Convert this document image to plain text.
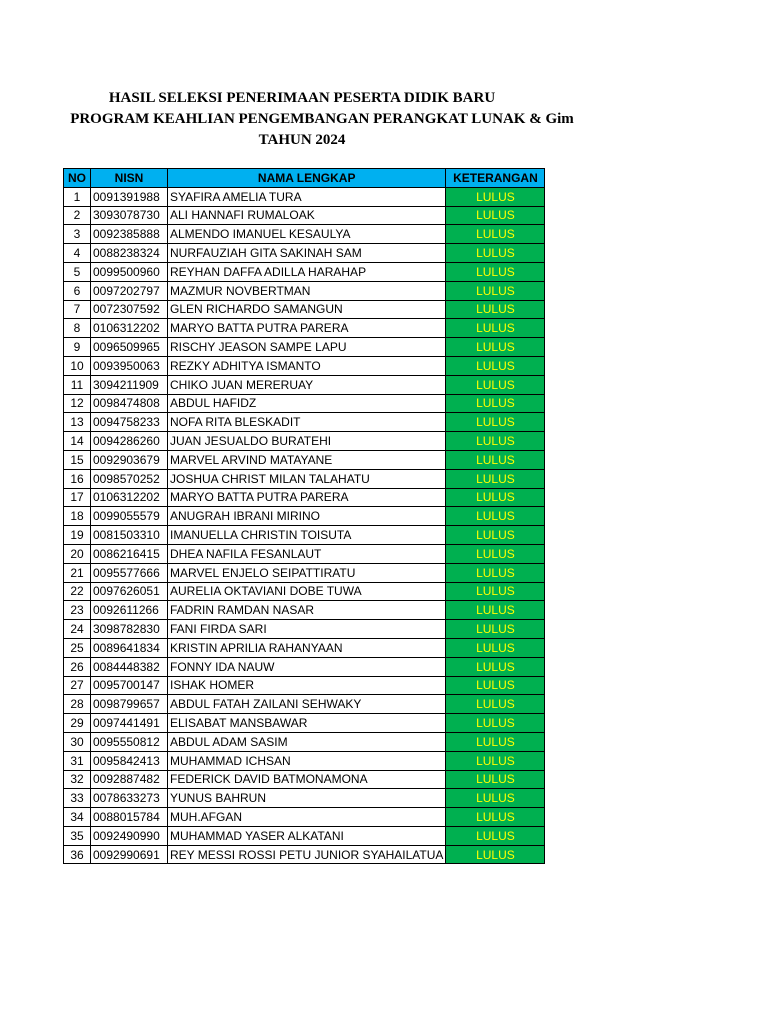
HASIL SELEKSI PENERIMAAN PESERTA DIDIK BARU
PROGRAM KEAHLIAN PENGEMBANGAN PERANGKAT LUNAK & Gim
TAHUN 2024
NO	NISN	NAMA LENGKAP	KETERANGAN
1	0091391988	SYAFIRA AMELIA TURA	LULUS
2	3093078730	ALI HANNAFI RUMALOAK	LULUS
3	0092385888	ALMENDO IMANUEL KESAULYA	LULUS
4	0088238324	NURFAUZIAH GITA SAKINAH SAM	LULUS
5	0099500960	REYHAN DAFFA ADILLA HARAHAP	LULUS
6	0097202797	MAZMUR NOVBERTMAN	LULUS
7	0072307592	GLEN RICHARDO SAMANGUN	LULUS
8	0106312202	MARYO BATTA PUTRA PARERA	LULUS
9	0096509965	RISCHY JEASON SAMPE LAPU	LULUS
10	0093950063	REZKY ADHITYA ISMANTO	LULUS
11	3094211909	CHIKO JUAN MERERUAY	LULUS
12	0098474808	ABDUL HAFIDZ	LULUS
13	0094758233	NOFA RITA BLESKADIT	LULUS
14	0094286260	JUAN JESUALDO BURATEHI	LULUS
15	0092903679	MARVEL ARVIND MATAYANE	LULUS
16	0098570252	JOSHUA CHRIST MILAN TALAHATU	LULUS
17	0106312202	MARYO BATTA PUTRA PARERA	LULUS
18	0099055579	ANUGRAH IBRANI MIRINO	LULUS
19	0081503310	IMANUELLA CHRISTIN TOISUTA	LULUS
20	0086216415	DHEA NAFILA FESANLAUT	LULUS
21	0095577666	MARVEL ENJELO SEIPATTIRATU	LULUS
22	0097626051	AURELIA OKTAVIANI DOBE TUWA	LULUS
23	0092611266	FADRIN RAMDAN NASAR	LULUS
24	3098782830	FANI FIRDA SARI	LULUS
25	0089641834	KRISTIN APRILIA RAHANYAAN	LULUS
26	0084448382	FONNY IDA NAUW	LULUS
27	0095700147	ISHAK HOMER	LULUS
28	0098799657	ABDUL FATAH ZAILANI SEHWAKY	LULUS
29	0097441491	ELISABAT MANSBAWAR	LULUS
30	0095550812	ABDUL ADAM SASIM	LULUS
31	0095842413	MUHAMMAD ICHSAN	LULUS
32	0092887482	FEDERICK DAVID BATMONAMONA	LULUS
33	0078633273	YUNUS BAHRUN	LULUS
34	0088015784	MUH.AFGAN	LULUS
35	0092490990	MUHAMMAD YASER ALKATANI	LULUS
36	0092990691	REY MESSI ROSSI PETU JUNIOR SYAHAILATUA	LULUS
